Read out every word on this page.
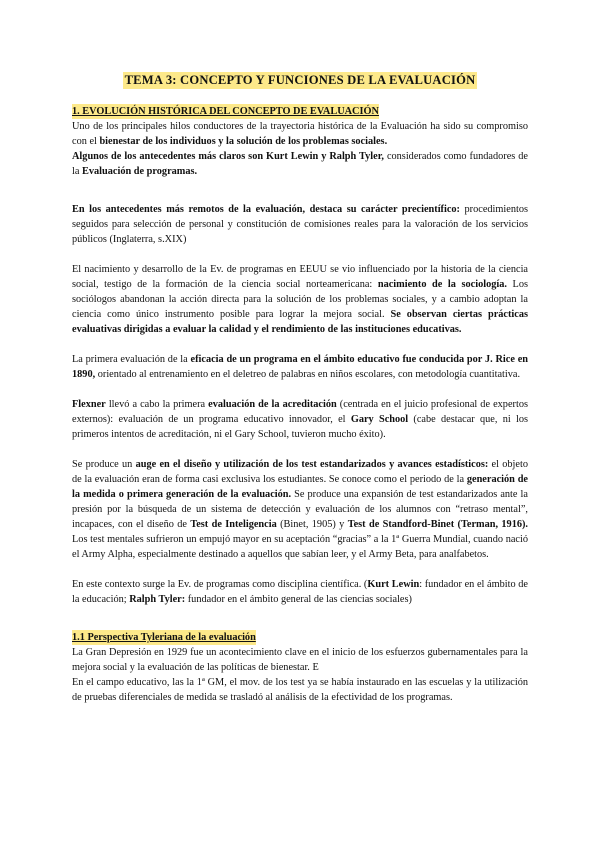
TEMA 3: CONCEPTO Y FUNCIONES DE LA EVALUACIÓN
1. EVOLUCIÓN HISTÓRICA DEL CONCEPTO DE EVALUACIÓN

Uno de los principales hilos conductores de la trayectoria histórica de la Evaluación ha sido su compromiso con el bienestar de los individuos y la solución de los problemas sociales.

Algunos de los antecedentes más claros son Kurt Lewin y Ralph Tyler, considerados como fundadores de la Evaluación de programas.

En los antecedentes más remotos de la evaluación, destaca su carácter precientífico: procedimientos seguidos para selección de personal y constitución de comisiones reales para la valoración de los servicios públicos (Inglaterra, s.XIX)

El nacimiento y desarrollo de la Ev. de programas en EEUU se vio influenciado por la historia de la ciencia social, testigo de la formación de la ciencia social norteamericana: nacimiento de la sociología. Los sociólogos abandonan la acción directa para la solución de los problemas sociales, y a cambio adoptan la ciencia como único instrumento posible para lograr la mejora social. Se observan ciertas prácticas evaluativas dirigidas a evaluar la calidad y el rendimiento de las instituciones educativas.

La primera evaluación de la eficacia de un programa en el ámbito educativo fue conducida por J. Rice en 1890, orientado al entrenamiento en el deletreo de palabras en niños escolares, con metodología cuantitativa.

Flexner llevó a cabo la primera evaluación de la acreditación (centrada en el juicio profesional de expertos externos): evaluación de un programa educativo innovador, el Gary School (cabe destacar que, ni los primeros intentos de acreditación, ni el Gary School, tuvieron mucho éxito).

Se produce un auge en el diseño y utilización de los test estandarizados y avances estadísticos: el objeto de la evaluación eran de forma casi exclusiva los estudiantes. Se conoce como el periodo de la generación de la medida o primera generación de la evaluación. Se produce una expansión de test estandarizados ante la presión por la búsqueda de un sistema de detección y evaluación de los alumnos con “retraso mental”, incapaces, con el diseño de Test de Inteligencia (Binet, 1905) y Test de Standford-Binet (Terman, 1916). Los test mentales sufrieron un empujó mayor en su aceptación “gracias” a la 1ª Guerra Mundial, cuando nació el Army Alpha, especialmente destinado a aquellos que sabían leer, y el Army Beta, para analfabetos.

En este contexto surge la Ev. de programas como disciplina científica. (Kurt Lewin: fundador en el ámbito de la educación; Ralph Tyler: fundador en el ámbito general de las ciencias sociales)

1.1 Perspectiva Tyleriana de la evaluación

La Gran Depresión en 1929 fue un acontecimiento clave en el inicio de los esfuerzos gubernamentales para la mejora social y la evaluación de las políticas de bienestar. E

En el campo educativo, las la 1ª GM, el mov. de los test ya se había instaurado en las escuelas y la utilización de pruebas diferenciales de medida se trasladó al análisis de la efectividad de los programas.
